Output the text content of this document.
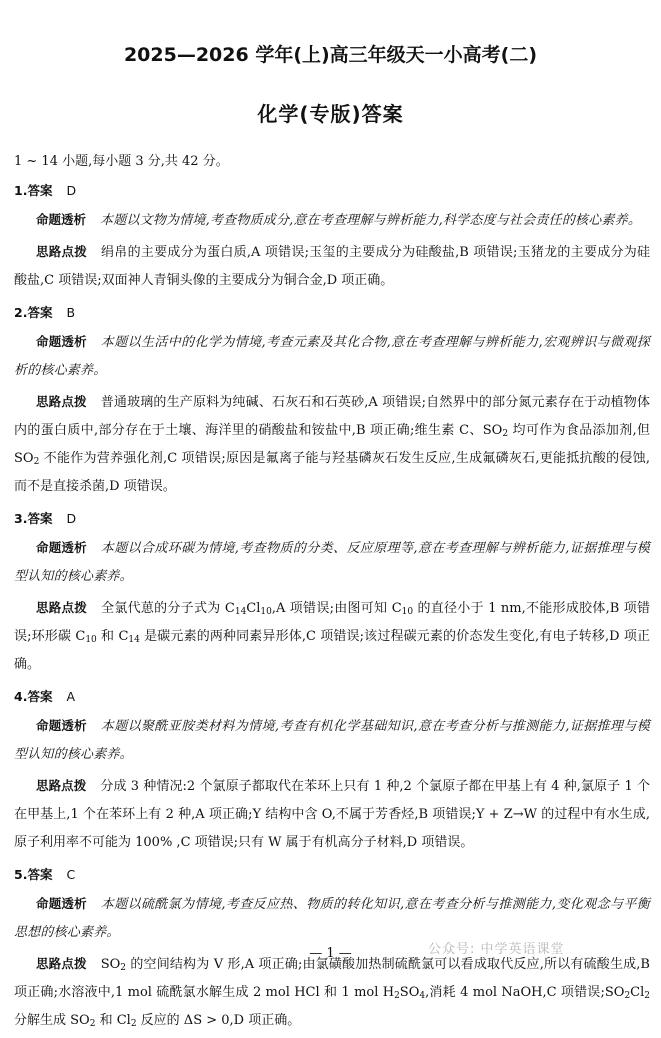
2025—2026 学年(上)高三年级天一小高考(二)
化学(专版)答案
1 ~ 14 小题,每小题 3 分,共 42 分。
1.答案 D

命题透析 本题以文物为情境,考查物质成分,意在考查理解与辨析能力,科学态度与社会责任的核心素养。

思路点拨 绢帛的主要成分为蛋白质,A 项错误;玉玺的主要成分为硅酸盐,B 项错误;玉猪龙的主要成分为硅酸盐,C 项错误;双面神人青铜头像的主要成分为铜合金,D 项正确。

2.答案 B

命题透析 本题以生活中的化学为情境,考查元素及其化合物,意在考查理解与辨析能力,宏观辨识与微观探析的核心素养。

思路点拨 普通玻璃的生产原料为纯碱、石灰石和石英砂,A 项错误;自然界中的部分氮元素存在于动植物体内的蛋白质中,部分存在于土壤、海洋里的硝酸盐和铵盐中,B 项正确;维生素 C、$SO_2$ 均可作为食品添加剂,但 $SO_2$ 不能作为营养强化剂,C 项错误;原因是氟离子能与羟基磷灰石发生反应,生成氟磷灰石,更能抵抗酸的侵蚀,而不是直接杀菌,D 项错误。

3.答案 D

命题透析 本题以合成环碳为情境,考查物质的分类、反应原理等,意在考查理解与辨析能力,证据推理与模型认知的核心素养。

思路点拨 全氯代葸的分子式为 $C_{14}Cl_{10},A$ 项错误;由图可知 $C_{10}$ 的直径小于 1 nm,不能形成胶体,B 项错误;环形碳 $C_{10}$ 和 $C_{14}$ 是碳元素的两种同素异形体,C 项错误;该过程碳元素的价态发生变化,有电子转移,D 项正确。

4.答案 A

命题透析 本题以聚酰亚胺类材料为情境,考查有机化学基础知识,意在考查分析与推测能力,证据推理与模型认知的核心素养。

思路点拨 分成 3 种情况:2 个氯原子都取代在苯环上只有 1 种,2 个氯原子都在甲基上有 4 种,氯原子 1 个在甲基上,1 个在苯环上有 2 种,A 项正确;Y 结构中含 O,不属于芳香烃,B 项错误;Y + Z→W 的过程中有水生成,原子利用率不可能为 100% ,C 项错误;只有 W 属于有机高分子材料,D 项错误。

5.答案 C

命题透析 本题以硫酰氯为情境,考查反应热、物质的转化知识,意在考查分析与推测能力,变化观念与平衡思想的核心素养。

思路点拨 $SO_2$ 的空间结构为 V 形,A 项正确;由氯磺酸加热制硫酰氯可以看成取代反应,所以有硫酸生成,B 项正确;水溶液中,1 mol 硫酰氯水解生成 2 mol HCl 和 1 mol $H_2SO_4$,消耗 4 mol NaOH,C 项错误$;SO_2Cl_2$ 分解生成 $SO_2$ 和 $Cl_2$ 反应的 ΔS > 0,D 项正确。

— 1 —	公众号: 中学英语课堂
